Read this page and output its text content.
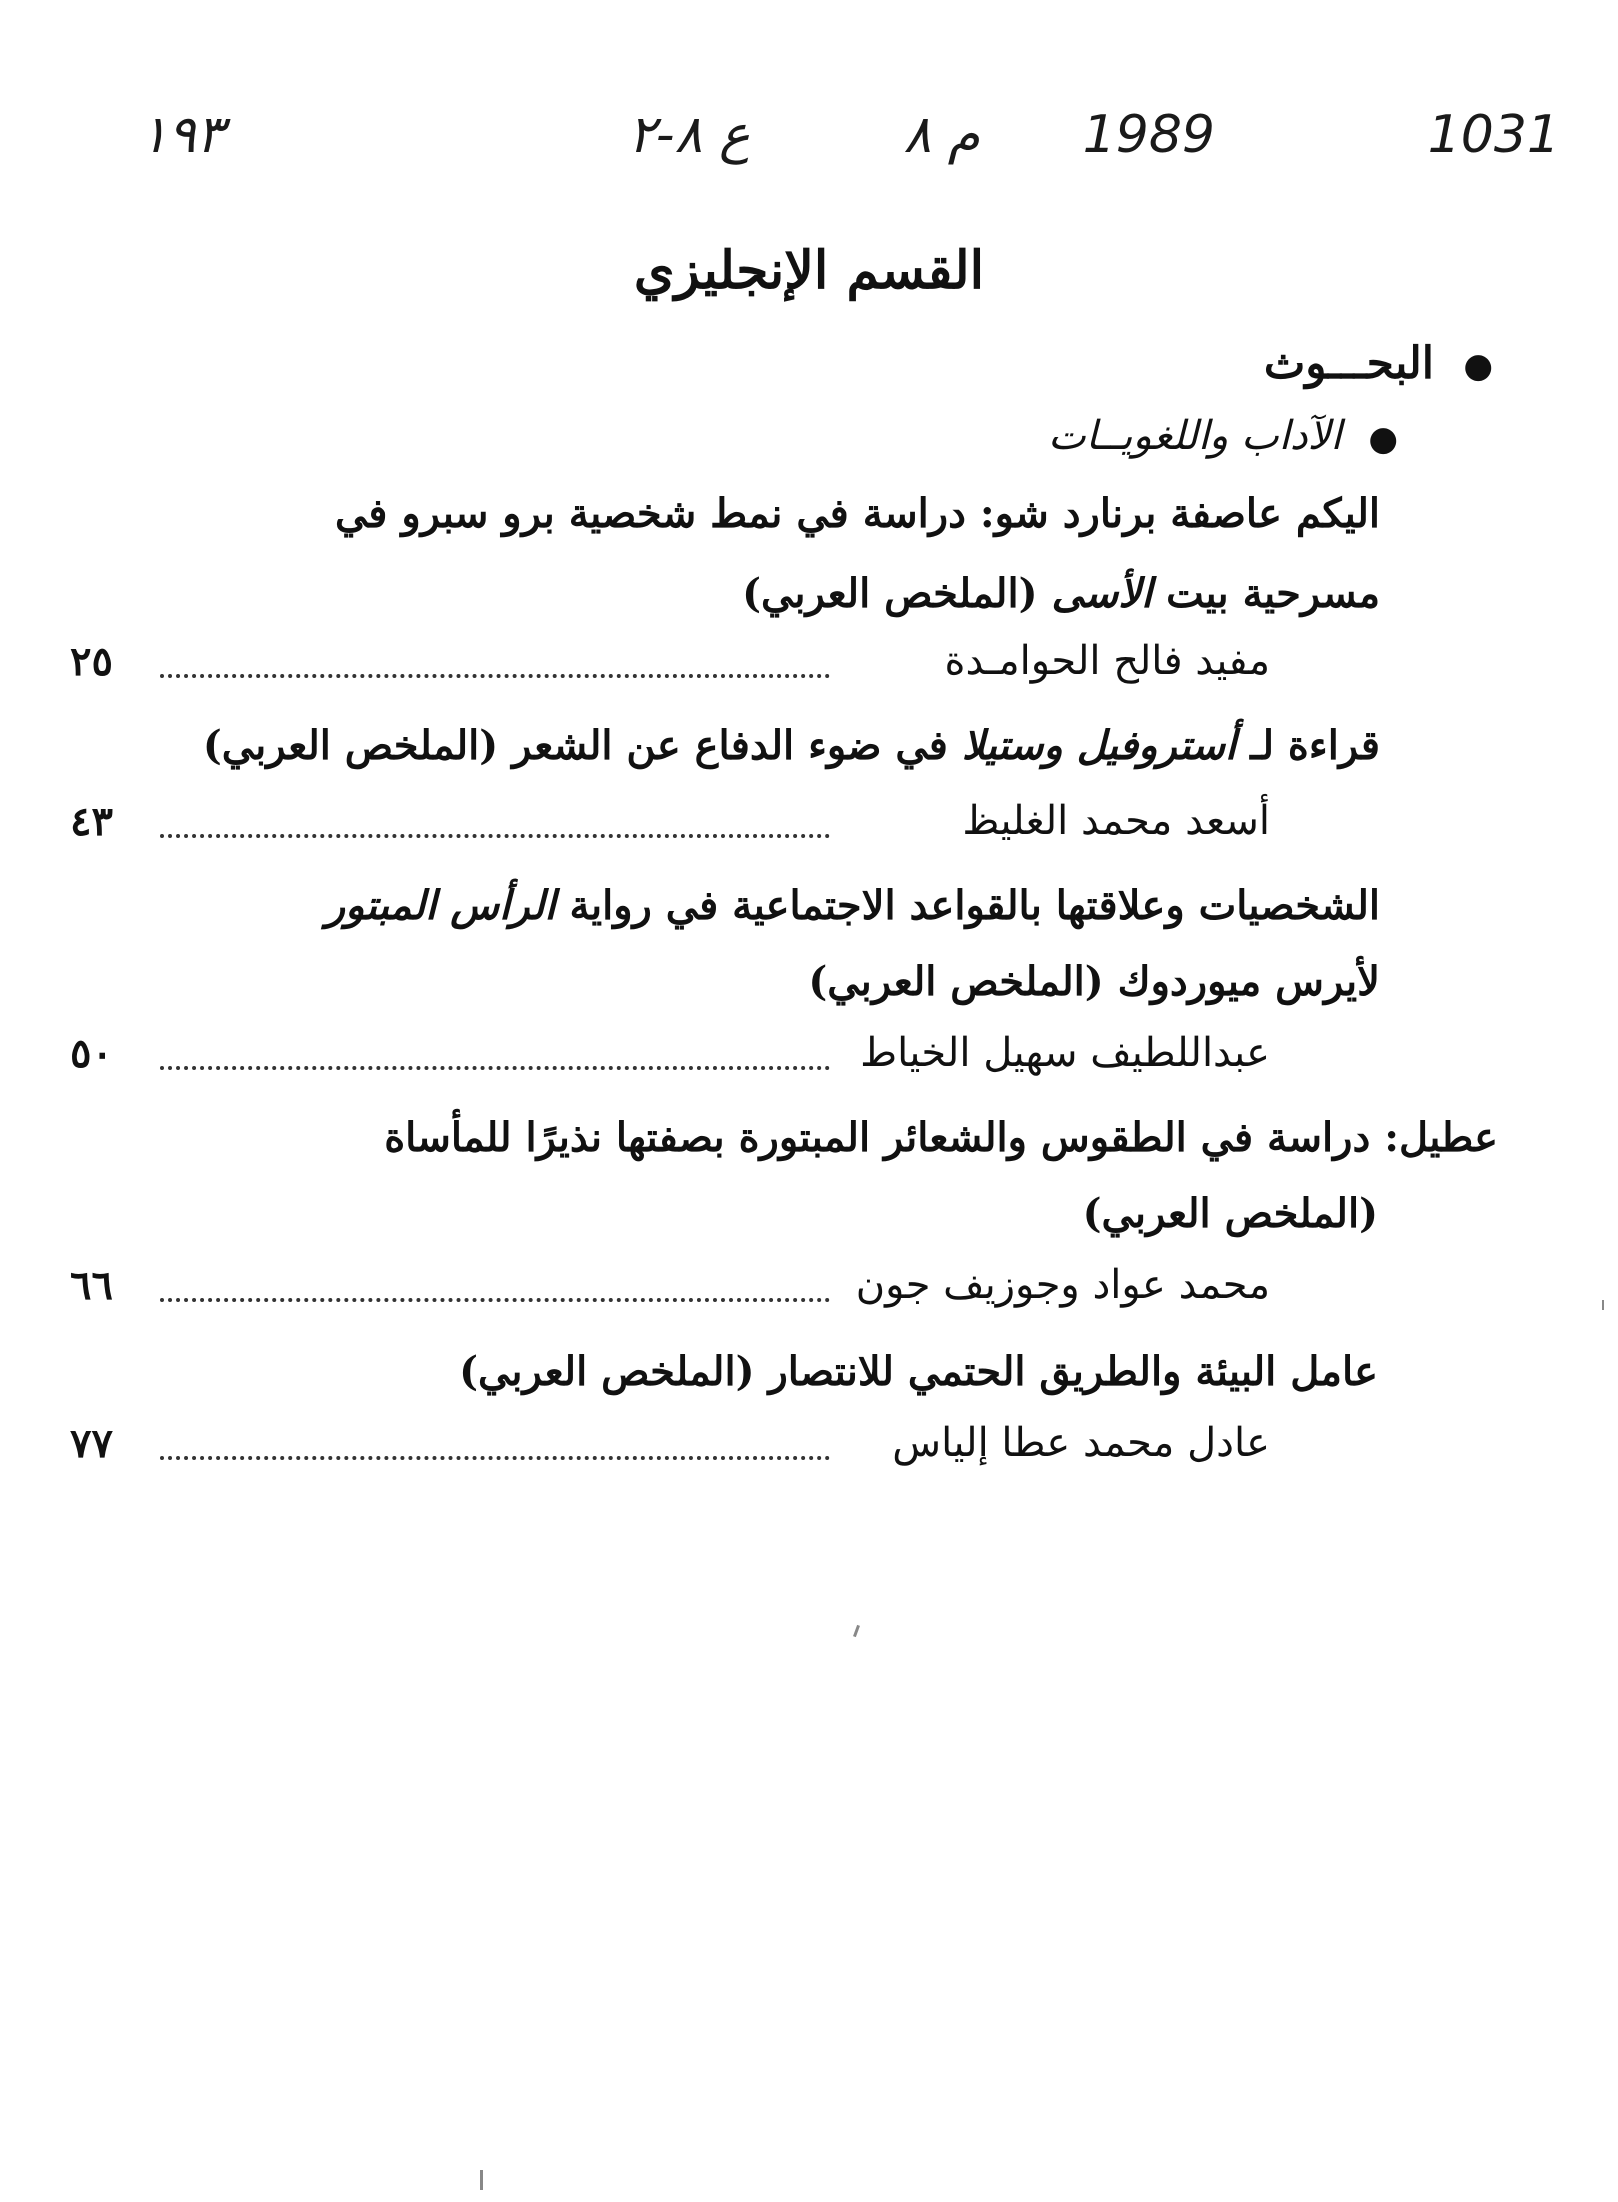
1031
1989
م ٨
ع ٨-٢
١٩٣
القسم الإنجليزي
● البحـــوث
● الآداب واللغويــات
اليكم عاصفة برنارد شو: دراسة في نمط شخصية برو سبرو في
مسرحية بيت الأسى (الملخص العربي)
مفيد فالح الحوامـدة
٢٥
قراءة لـ أستروفيل وستيلا في ضوء الدفاع عن الشعر (الملخص العربي)
أسعد محمد الغليظ
٤٣
الشخصيات وعلاقتها بالقواعد الاجتماعية في رواية الرأس المبتور
لأيرس ميوردوك (الملخص العربي)
عبداللطيف سهيل الخياط
٥٠
عطيل: دراسة في الطقوس والشعائر المبتورة بصفتها نذيرًا للمأساة
(الملخص العربي)
محمد عواد وجوزيف جون
٦٦
عامل البيئة والطريق الحتمي للانتصار (الملخص العربي)
عادل محمد عطا إلياس
٧٧
